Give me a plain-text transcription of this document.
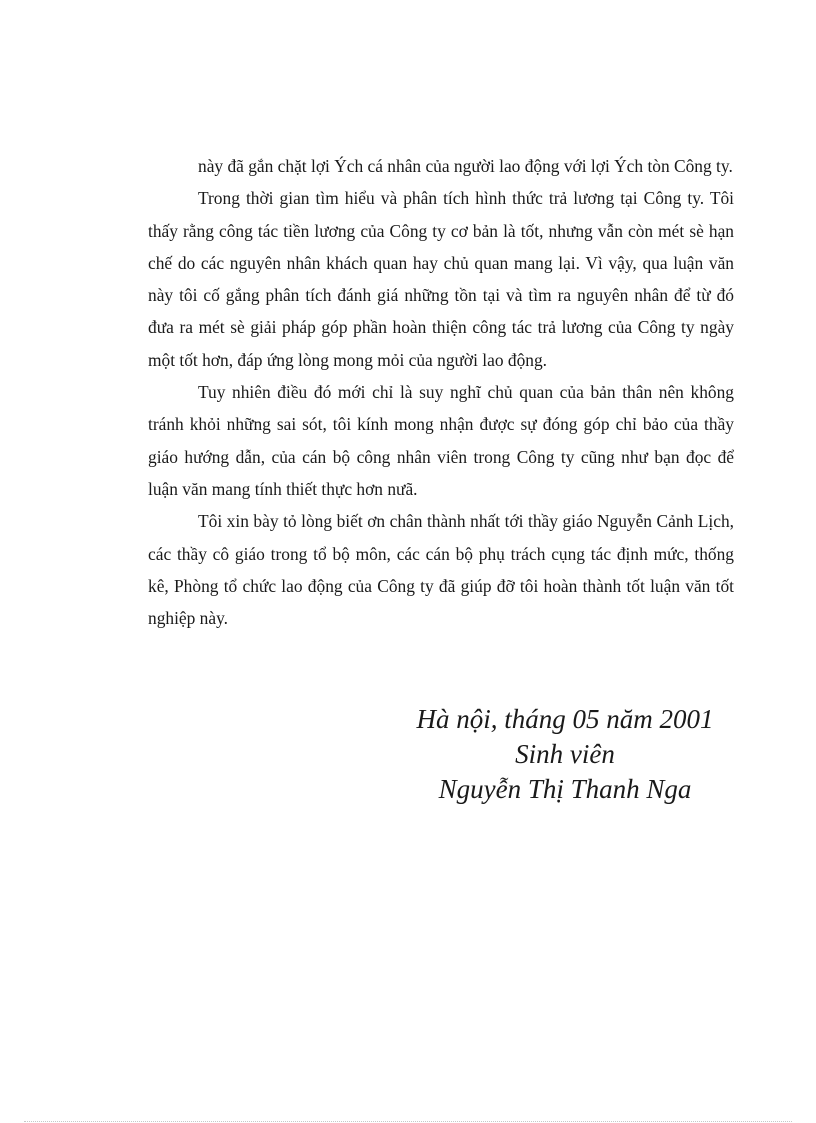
này đã gắn chặt lợi Ých cá nhân của người lao động với lợi Ých tòn Công ty.

Trong thời gian tìm hiểu và phân tích hình thức trả lương tại Công ty. Tôi thấy rằng công tác tiền lương của Công ty cơ bản là tốt, nhưng vẫn còn mét sè hạn chế do các nguyên nhân khách quan hay chủ quan mang lại. Vì vậy, qua luận văn này tôi cố gắng phân tích đánh giá những tồn tại và tìm ra nguyên nhân để từ đó đưa ra mét sè giải pháp góp phần hoàn thiện công tác trả lương của Công ty ngày một tốt hơn, đáp ứng lòng mong mỏi của người lao động.

Tuy nhiên điều đó mới chỉ là suy nghĩ chủ quan của bản thân nên không tránh khỏi những sai sót, tôi kính mong nhận được sự đóng góp chỉ bảo của thầy giáo hướng dẫn, của cán bộ công nhân viên trong Công ty cũng như bạn đọc để luận văn mang tính thiết thực hơn nưã.

Tôi xin bày tỏ lòng biết ơn chân thành nhất tới thầy giáo Nguyễn Cảnh Lịch, các thầy cô giáo trong tổ bộ môn, các cán bộ phụ trách cụng tác định mức, thống kê, Phòng tổ chức lao động của Công ty đã giúp đỡ tôi hoàn thành tốt luận văn tốt nghiệp này.

Hà nội, tháng 05 năm 2001
Sinh viên
Nguyễn Thị Thanh Nga
